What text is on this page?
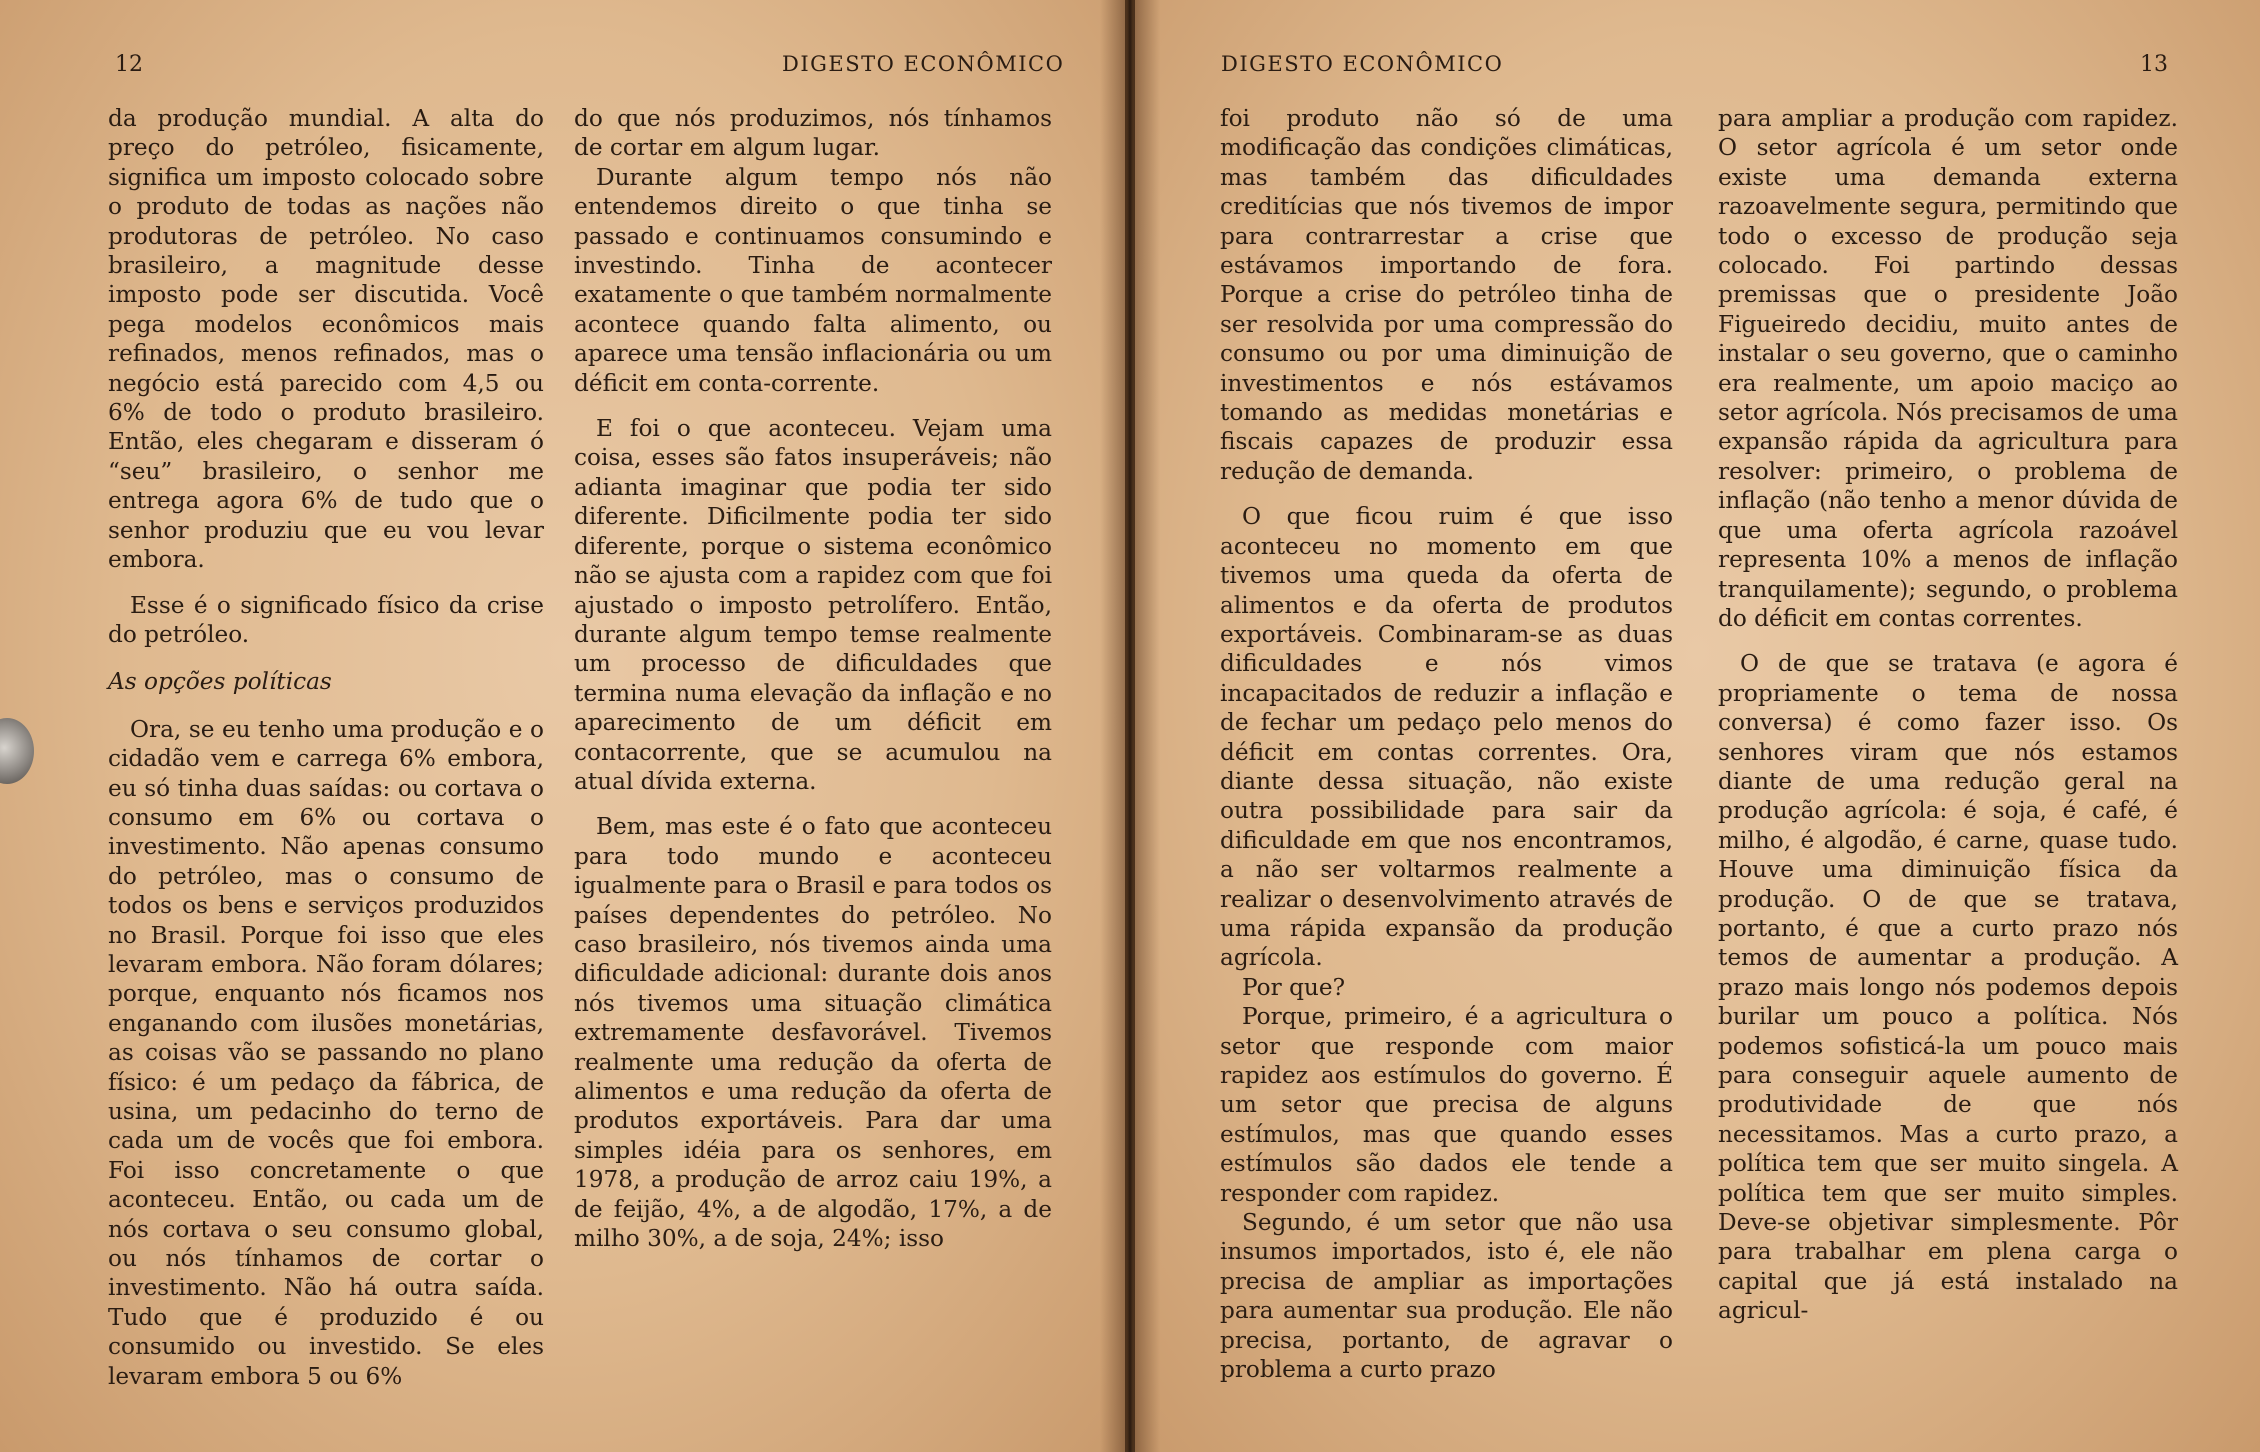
12	DIGESTO ECONÔMICO

da produção mundial. A alta do preço do petróleo, fisicamente, significa um imposto colocado sobre o produto de todas as nações não produtoras de petróleo. No caso brasileiro, a magnitude desse imposto pode ser discutida. Você pega modelos econômicos mais refinados, menos refinados, mas o negócio está parecido com 4,5 ou 6% de todo o produto brasileiro. Então, eles chegaram e disseram ó “seu” brasileiro, o senhor me entrega agora 6% de tudo que o senhor produziu que eu vou levar embora.

Esse é o significado físico da crise do petróleo.

As opções políticas

Ora, se eu tenho uma produção e o cidadão vem e carrega 6% embora, eu só tinha duas saídas: ou cortava o consumo em 6% ou cortava o investimento. Não apenas consumo do petróleo, mas o consumo de todos os bens e serviços produzidos no Brasil. Porque foi isso que eles levaram embora. Não foram dólares; porque, enquanto nós ficamos nos enganando com ilusões monetárias, as coisas vão se passando no plano físico: é um pedaço da fábrica, de usina, um pedacinho do terno de cada um de vocês que foi embora. Foi isso concretamente o que aconteceu. Então, ou cada um de nós cortava o seu consumo global, ou nós tínhamos de cortar o investimento. Não há outra saída. Tudo que é produzido é ou consumido ou investido. Se eles levaram embora 5 ou 6%

do que nós produzimos, nós tínhamos de cortar em algum lugar.

Durante algum tempo nós não entendemos direito o que tinha se passado e continuamos consumindo e investindo. Tinha de acontecer exatamente o que também normalmente acontece quando falta alimento, ou aparece uma tensão inflacionária ou um déficit em conta-corrente.

E foi o que aconteceu. Vejam uma coisa, esses são fatos insuperáveis; não adianta imaginar que podia ter sido diferente. Dificilmente podia ter sido diferente, porque o sistema econômico não se ajusta com a rapidez com que foi ajustado o imposto petrolífero. Então, durante algum tempo temse realmente um processo de dificuldades que termina numa elevação da inflação e no aparecimento de um déficit em contacorrente, que se acumulou na atual dívida externa.

Bem, mas este é o fato que aconteceu para todo mundo e aconteceu igualmente para o Brasil e para todos os países dependentes do petróleo. No caso brasileiro, nós tivemos ainda uma dificuldade adicional: durante dois anos nós tivemos uma situação climática extremamente desfavorável. Tivemos realmente uma redução da oferta de alimentos e uma redução da oferta de produtos exportáveis. Para dar uma simples idéia para os senhores, em 1978, a produção de arroz caiu 19%, a de feijão, 4%, a de algodão, 17%, a de milho 30%, a de soja, 24%; isso

DIGESTO ECONÔMICO	13

foi produto não só de uma modificação das condições climáticas, mas também das dificuldades creditícias que nós tivemos de impor para contrarrestar a crise que estávamos importando de fora. Porque a crise do petróleo tinha de ser resolvida por uma compressão do consumo ou por uma diminuição de investimentos e nós estávamos tomando as medidas monetárias e fiscais capazes de produzir essa redução de demanda.

O que ficou ruim é que isso aconteceu no momento em que tivemos uma queda da oferta de alimentos e da oferta de produtos exportáveis. Combinaram-se as duas dificuldades e nós vimos incapacitados de reduzir a inflação e de fechar um pedaço pelo menos do déficit em contas correntes. Ora, diante dessa situação, não existe outra possibilidade para sair da dificuldade em que nos encontramos, a não ser voltarmos realmente a realizar o desenvolvimento através de uma rápida expansão da produção agrícola.

Por que?

Porque, primeiro, é a agricultura o setor que responde com maior rapidez aos estímulos do governo. É um setor que precisa de alguns estímulos, mas que quando esses estímulos são dados ele tende a responder com rapidez.

Segundo, é um setor que não usa insumos importados, isto é, ele não precisa de ampliar as importações para aumentar sua produção. Ele não precisa, portanto, de agravar o problema a curto prazo

para ampliar a produção com rapidez. O setor agrícola é um setor onde existe uma demanda externa razoavelmente segura, permitindo que todo o excesso de produção seja colocado. Foi partindo dessas premissas que o presidente João Figueiredo decidiu, muito antes de instalar o seu governo, que o caminho era realmente, um apoio maciço ao setor agrícola. Nós precisamos de uma expansão rápida da agricultura para resolver: primeiro, o problema de inflação (não tenho a menor dúvida de que uma oferta agrícola razoável representa 10% a menos de inflação tranquilamente); segundo, o problema do déficit em contas correntes.

O de que se tratava (e agora é propriamente o tema de nossa conversa) é como fazer isso. Os senhores viram que nós estamos diante de uma redução geral na produção agrícola: é soja, é café, é milho, é algodão, é carne, quase tudo. Houve uma diminuição física da produção. O de que se tratava, portanto, é que a curto prazo nós temos de aumentar a produção. A prazo mais longo nós podemos depois burilar um pouco a política. Nós podemos sofisticá-la um pouco mais para conseguir aquele aumento de produtividade de que nós necessitamos. Mas a curto prazo, a política tem que ser muito singela. A política tem que ser muito simples. Deve-se objetivar simplesmente. Pôr para trabalhar em plena carga o capital que já está instalado na agricul-
